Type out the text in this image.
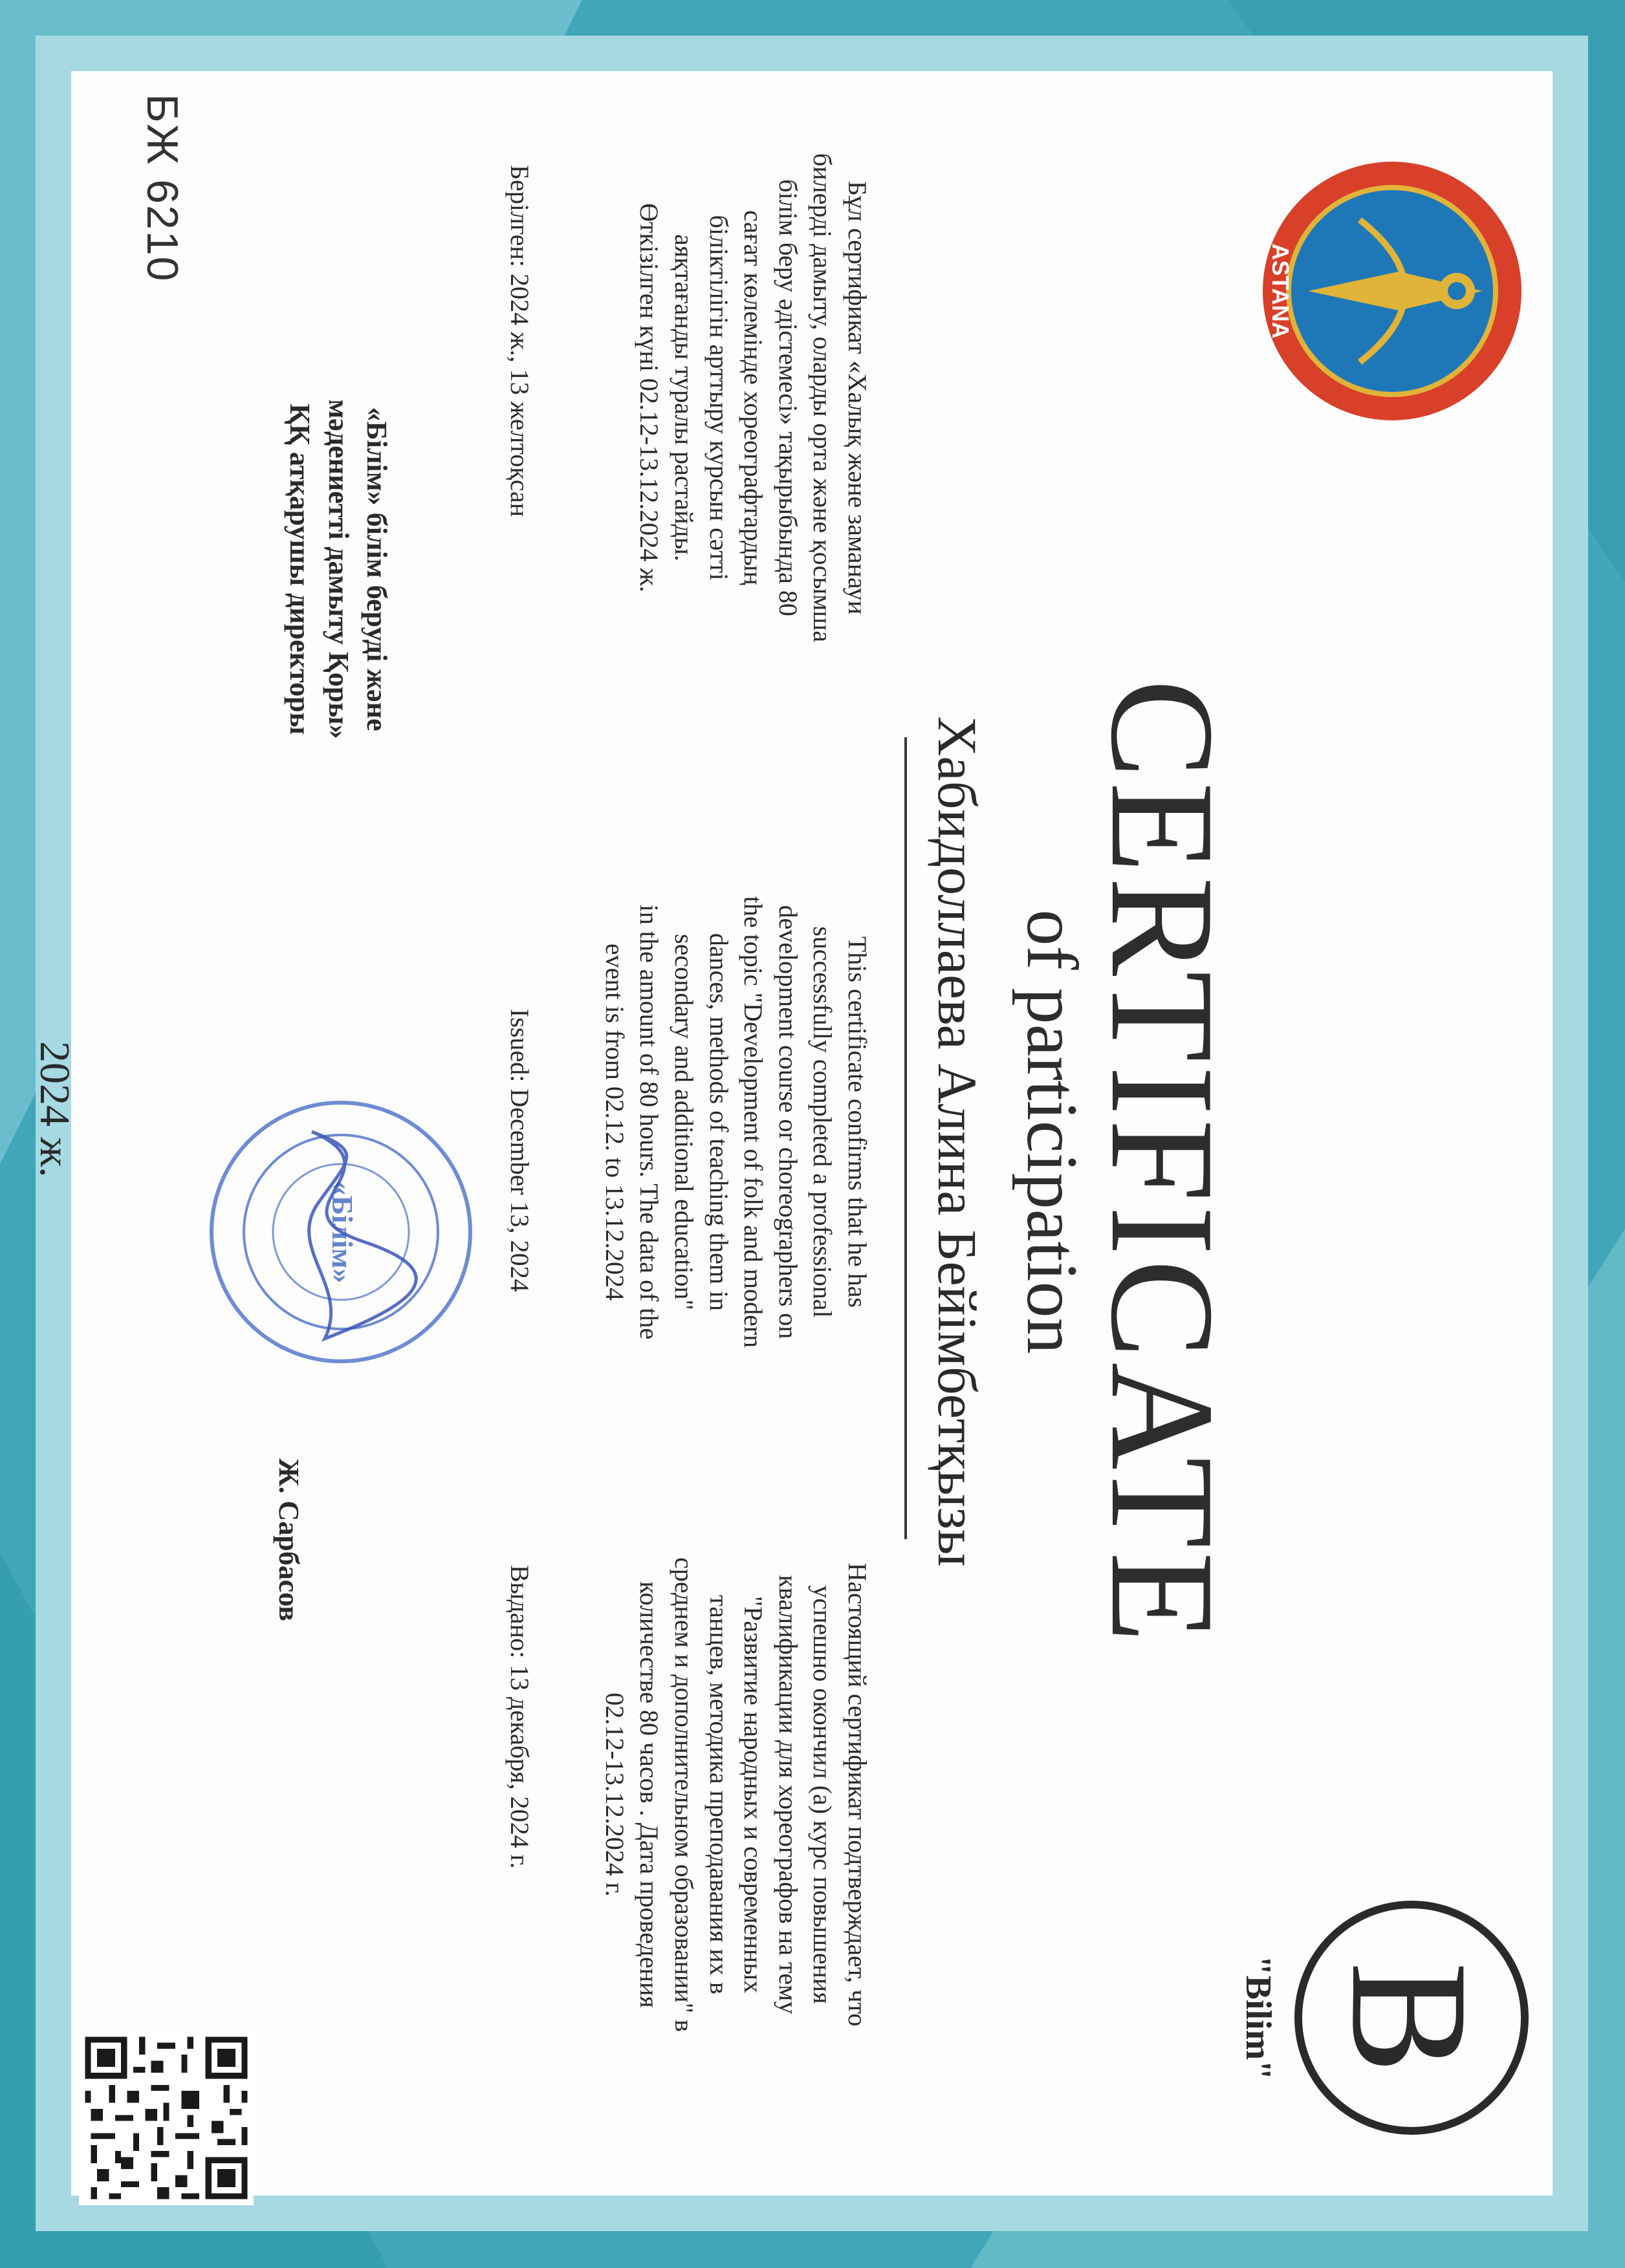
ASTANA
CERTIFICATE
of participation
Хабидоллаева Алина Бейімбетқызы
B
"Bilim"
Бұл сертификат «Халық және заманауи
билерді дамыту, оларды орта және қосымша
білім беру әдістемесі» тақырыбында 80
сағат көлемінде хореографтардың
біліктілігін арттыру курсын сәтті
аяқтағанды туралы растайды.
Өткізілген күні 02.12-13.12.2024 ж.
This certificate confirms that he has
successfully completed a professional
development course or choreographers on
the topic "Development of folk and modern
dances, methods of teaching them in
secondary and additional education"
in the amount of 80 hours. The data of the
event is from 02.12. to 13.12.2024
Настоящий сертификат подтверждает, что
успешно окончил (а) курс повышения
квалификации для хореографов на тему
"Развитие народных и современных
танцев, методика преподавания их в
среднем и дополнительном образовании" в
количестве 80 часов . Дата проведения
02.12-13.12.2024 г.
Берілген: 2024 ж., 13 желтоқсан
Issued: December 13, 2024
Выдано: 13 декабря, 2024 г.
«Білім» білім берудi және
мәдениетті дамыту Қоры»
ҚҚ атқарушы директоры
«Білім»
Ж. Сарбасов
БЖ 6210
2024 ж.
